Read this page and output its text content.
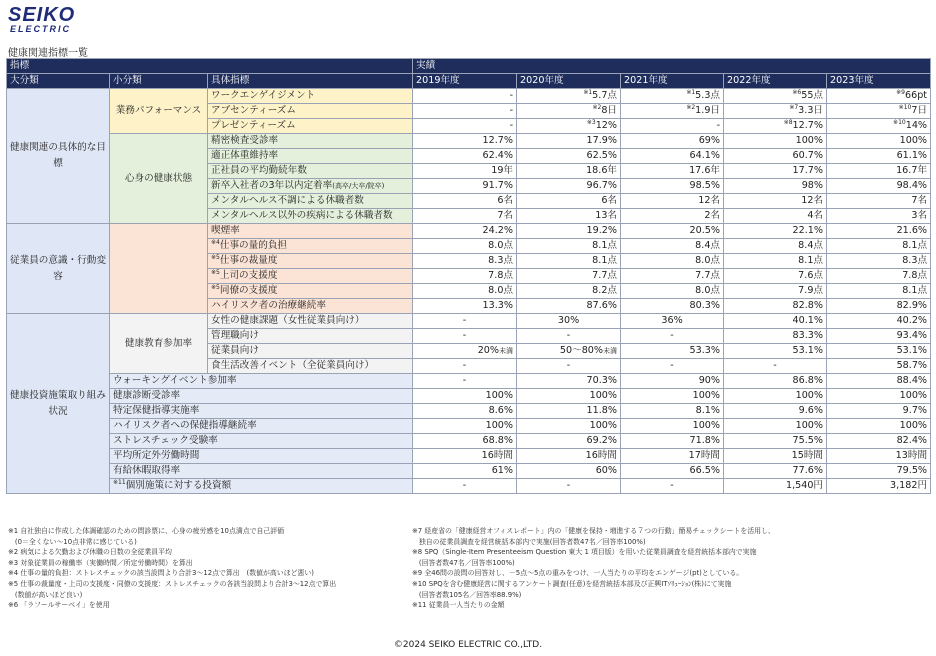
SEIKO
ELECTRIC
健康関連指標一覧
指標			実績				
大分類	小分類	具体指標	2019年度	2020年度	2021年度	2022年度	2023年度
健康関連の具体的な目標	業務パフォーマンス	ワークエンゲイジメント	-	$^{※1}$5.7点	$^{※1}$5.3点	$^{※6}$55点	$^{※9}$66pt
		アブセンティーズム	-	$^{※2}$8日	$^{※2}$1.9日	$^{※7}$3.3日	$^{※10}$7日
		プレゼンティーズム	-	$^{※3}$12%	-	$^{※8}$12.7%	$^{※10}$14%
	心身の健康状態	精密検査受診率	12.7%	17.9%	69%	100%	100%
		適正体重維持率	62.4%	62.5%	64.1%	60.7%	61.1%
		正社員の平均勤続年数	19年	18.6年	17.6年	17.7%	16.7年
		新卒入社者の3年以内定着率(高卒/大卒/院卒)	91.7%	96.7%	98.5%	98%	98.4%
		メンタルヘルス不調による休職者数	6名	6名	12名	12名	7名
		メンタルヘルス以外の疾病による休職者数	7名	13名	2名	4名	3名
従業員の意識・行動変容		喫煙率	24.2%	19.2%	20.5%	22.1%	21.6%
		$^{※4}$仕事の量的負担	8.0点	8.1点	8.4点	8.4点	8.1点
		$^{※5}$仕事の裁量度	8.3点	8.1点	8.0点	8.1点	8.3点
		$^{※5}$上司の支援度	7.8点	7.7点	7.7点	7.6点	7.8点
		$^{※5}$同僚の支援度	8.0点	8.2点	8.0点	7.9点	8.1点
		ハイリスク者の治療継続率	13.3%	87.6%	80.3%	82.8%	82.9%
健康投資施策取り組み状況	健康教育参加率	女性の健康課題（女性従業員向け）	-	30%	36%	40.1%	40.2%
		管理職向け	-	-	-	83.3%	93.4%
		従業員向け	20%未満	50～80%未満	53.3%	53.1%	53.1%
		食生活改善イベント（全従業員向け）	-	-	-	-	58.7%
	ウォーキングイベント参加率		-	70.3%	90%	86.8%	88.4%
	健康診断受診率		100%	100%	100%	100%	100%
	特定保健指導実施率		8.6%	11.8%	8.1%	9.6%	9.7%
	ハイリスク者への保健指導継続率		100%	100%	100%	100%	100%
	ストレスチェック受験率		68.8%	69.2%	71.8%	75.5%	82.4%
	平均所定外労働時間		16時間	16時間	17時間	15時間	13時間
	有給休暇取得率		61%	60%	66.5%	77.6%	79.5%
	$^{※11}$個別施策に対する投資額		-	-	-	1,540円	3,182円
※1 自社独自に作成した体調確認のための問診票に、心身の疲労感を10点満点で自己評価
　(0＝全くない～10点非常に感じている)
※2 病気による欠勤および休職の日数の全従業員平均
※3 対象従業員の稼働率（実働時間／所定労働時間）を算出
※4 仕事の量的負担：ストレスチェックの該当設問より合計3～12点で算出　(数値が高いほど悪い)
※5 仕事の裁量度・上司の支援度・同僚の支援度：ストレスチェックの各該当設問より合計3～12点で算出
　(数値が高いほど良い)
※6 「ラフールサーベイ」を使用
※7 経産省の「健康経営オフィスレポート」内の「健康を保持・増進する７つの行動」簡易チェックシートを活用し、
　独自の従業員調査を経営統括本部内で実施(回答者数47名／回答率100%)
※8 SPQ（Single-Item Presenteeism Question 東大 1 項目版）を用いた従業員調査を経営統括本部内で実施
　(回答者数47名／回答率100%)
※9 全46問の設問の回答対し、－5点～5点の重みをつけ、一人当たりの平均をエンゲージ(pt)としている。
※10 SPQを含む健康経営に関するアンケート調査(任意)を経営統括本部及び正興ITｿﾘｭｰｼｮﾝ(株)にて実施
　(回答者数105名／回答率88.9%)
※11 従業員一人当たりの金額
©2024 SEIKO ELECTRIC CO.,LTD.
